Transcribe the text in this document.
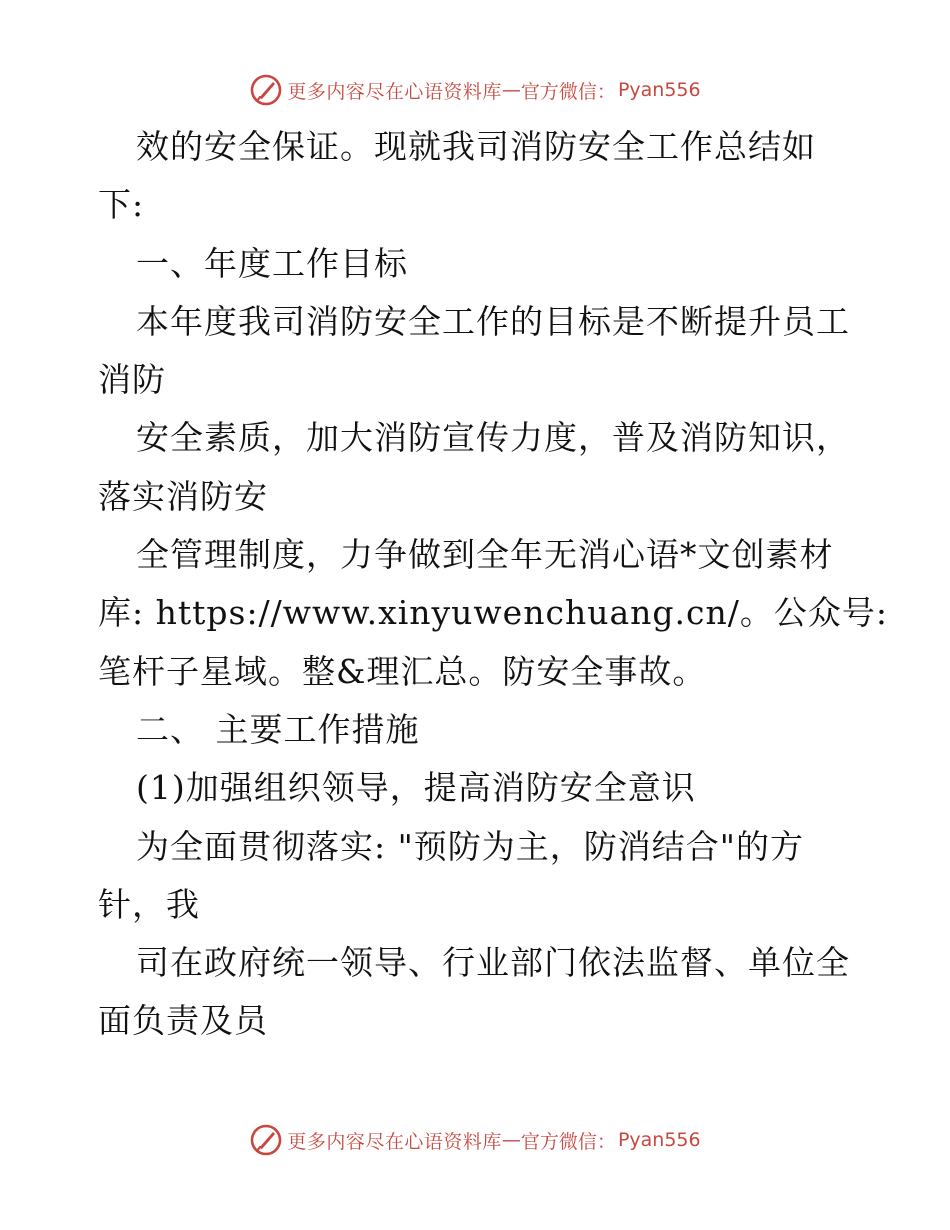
更多内容尽在心语资料库 — 官方微信： Pyan556
效的安全保证。现就我司消防安全工作总结如
下:
一、年度工作目标
本年度我司消防安全工作的目标是不断提升员工
消防
安全素质，加大消防宣传力度，普及消防知识，
落实消防安
全管理制度，力争做到全年无消心语*文创素材
库: https://www.xinyuwenchuang.cn/。公众号:
笔杆子星域。整&理汇总。防安全事故。
二、 主要工作措施
(1)加强组织领导，提高消防安全意识
为全面贯彻落实: "预防为主，防消结合"的方
针，我
司在政府统一领导、行业部门依法监督、单位全
面负责及员
更多内容尽在心语资料库 — 官方微信： Pyan556
